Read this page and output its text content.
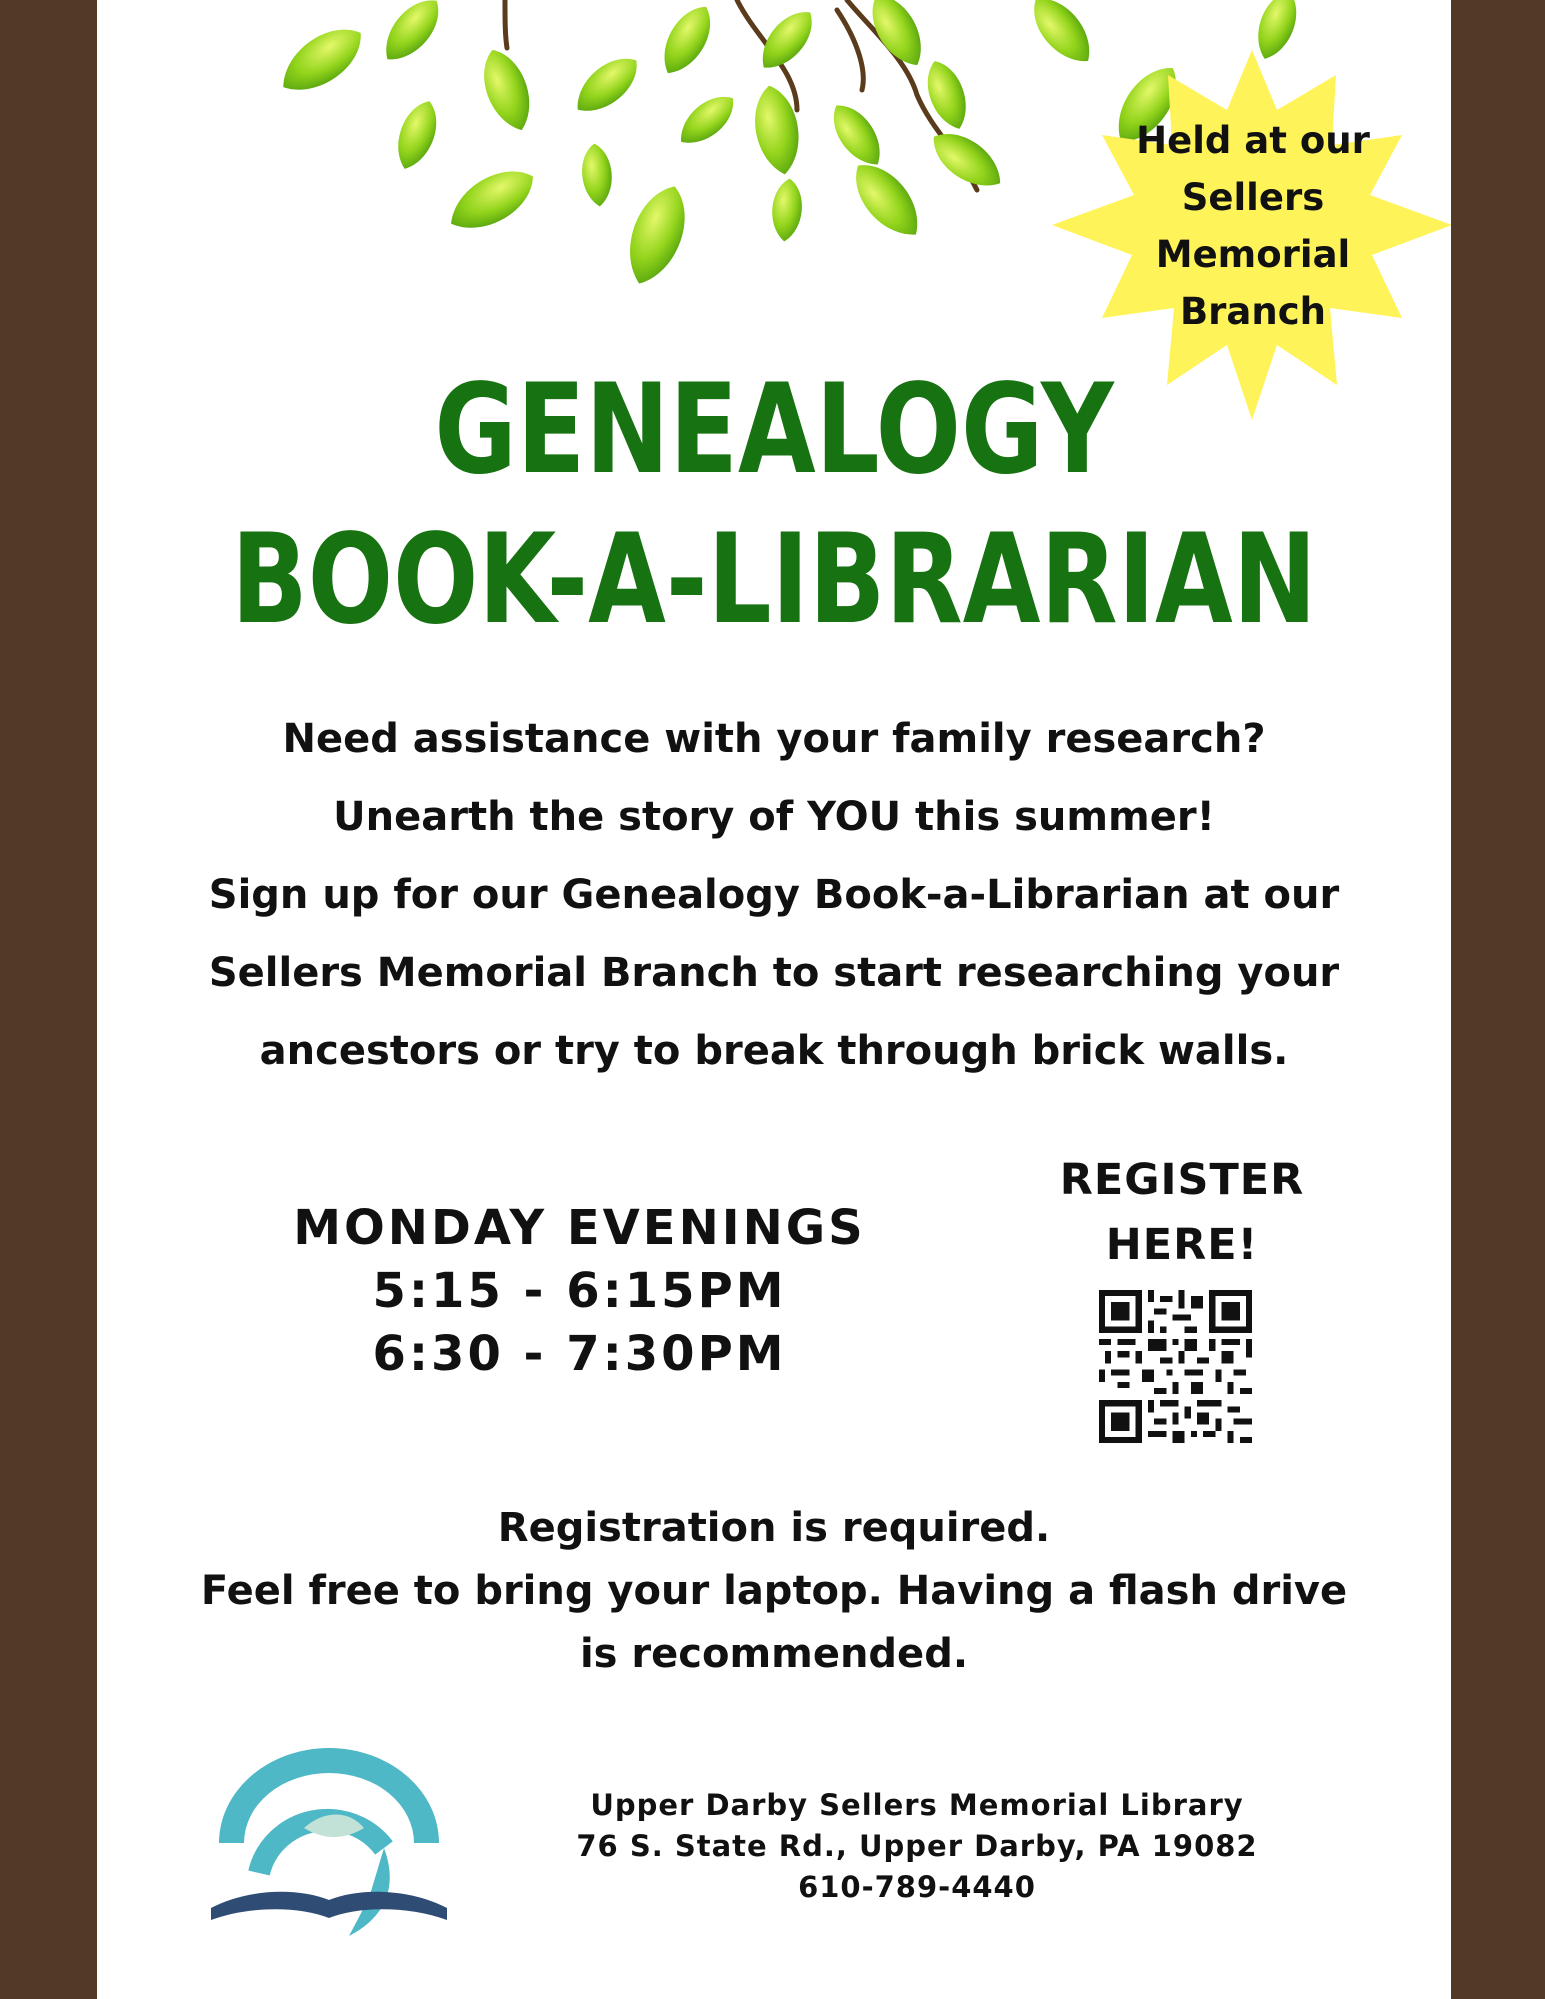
Held at our
Sellers
Memorial
Branch
GENEALOGY
BOOK-A-LIBRARIAN
Need assistance with your family research?
Unearth the story of YOU this summer!
Sign up for our Genealogy Book-a-Librarian at our
Sellers Memorial Branch to start researching your
ancestors or try to break through brick walls.
MONDAY EVENINGS
5:15 - 6:15PM
6:30 - 7:30PM
REGISTER
HERE!
Registration is required.
Feel free to bring your laptop. Having a flash drive
is recommended.
Upper Darby Sellers Memorial Library
76 S. State Rd., Upper Darby, PA 19082
610-789-4440
